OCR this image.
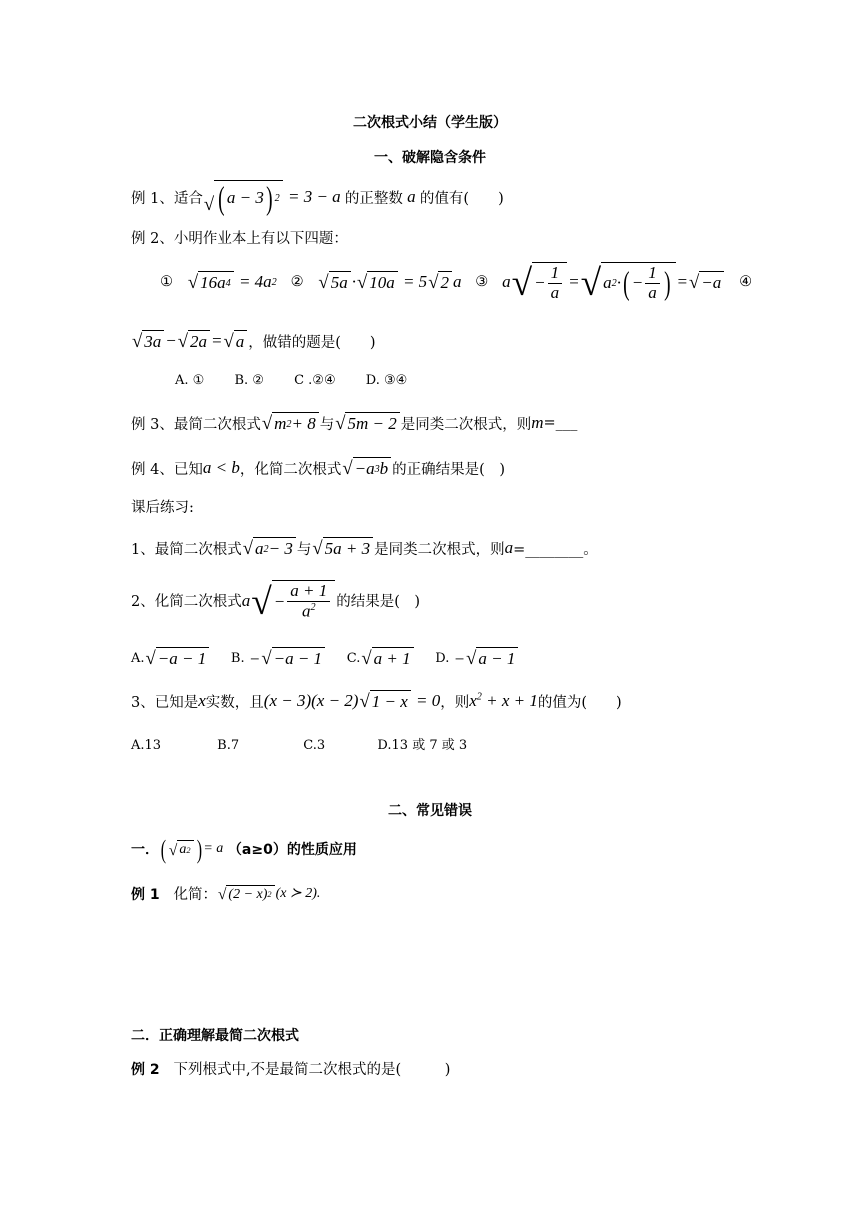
二次根式小结（学生版）
一、破解隐含条件
例 1、适合 √ ( a − 3 ) 2 = 3 − a 的正整数 a 的值有(　　)
例 2、小明作业本上有以下四题：
①
√ 16a 4 = 4a 2
②
√ 5a · √ 10a = 5 √ 2 a
③
a √ − $\frac{1}{a}$ = √ a 2 · ( − $\frac{1}{a}$ ) = √ −a
④
√ 3a − √ 2a = √ a ，做错的题是(　　)
A. ① B. ② C .②④ D. ③④
例 3、最简二次根式 √ m 2 + 8 与 √ 5m − 2 是同类二次根式，则 m =___
例 4、已知 a < b ，化简二次根式 √ −a 3 b 的正确结果是(　)
课后练习:
1、最简二次根式 √ a 2 − 3 与 √ 5a + 3 是同类二次根式，则 a =________。
2、化简二次根式 a √ − $\frac{a + 1}{a^2}$ 的结果是(　)
A. √ −a − 1
B. − √ −a − 1
C. √ a + 1
D. − √ a − 1
3、已知是 x 实数，且 (x − 3)(x − 2) √ 1 − x = 0 ，则 $x^2 + x + 1$ 的值为(　　)
A.13	B.7	C.3	D.13 或 7 或 3
二、常见错误
一． ( √ a 2 ) = a
（a≥0）的性质应用
例 1
化简： √ (2 − x) 2 (x ≻ 2).
二．正确理解最简二次根式
例 2
下列根式中,不是最简二次根式的是(　　　)
